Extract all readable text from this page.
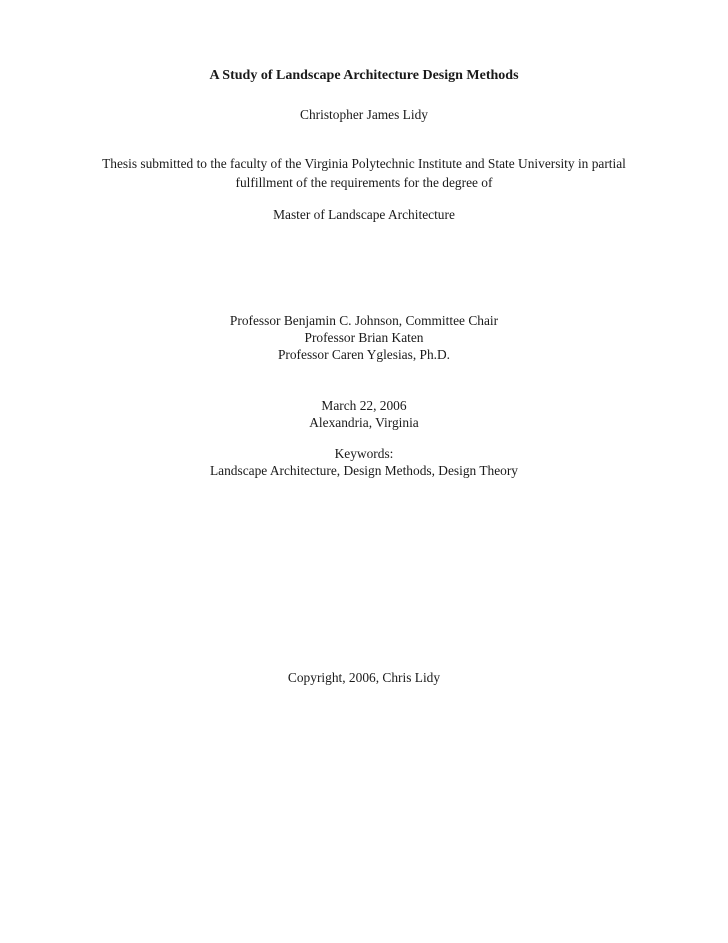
A Study of Landscape Architecture Design Methods
Christopher James Lidy
Thesis submitted to the faculty of the Virginia Polytechnic Institute and State University in partial
fulfillment of the requirements for the degree of
Master of Landscape Architecture
Professor Benjamin C. Johnson, Committee Chair
Professor Brian Katen
Professor Caren Yglesias, Ph.D.
March 22, 2006
Alexandria, Virginia
Keywords:
Landscape Architecture, Design Methods, Design Theory
Copyright, 2006, Chris Lidy
